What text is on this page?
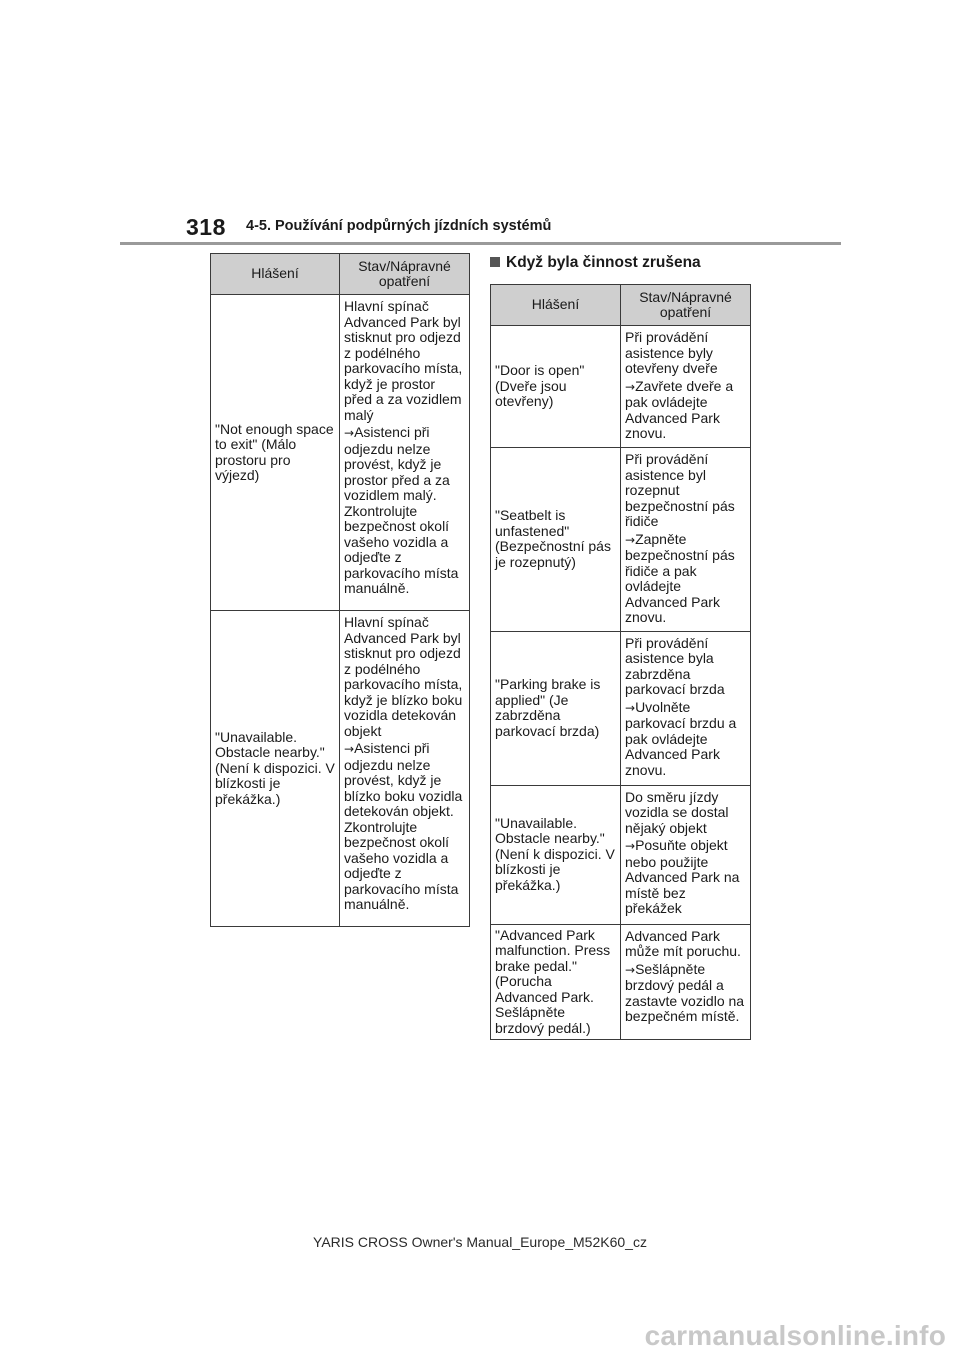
318 4-5. Používání podpůrných jízdních systémů
Hlášení	Stav/Nápravné opatření
"Not enough space to exit" (Málo prostoru pro výjezd)	Hlavní spínač Advanced Park byl stisknut pro odjezd z podélného parkovacího místa, když je prostor před a za vozidlem malý
→Asistenci při odjezdu nelze provést, když je prostor před a za vozidlem malý. Zkontrolujte bezpečnost okolí vašeho vozidla a odjeďte z parkovacího místa manuálně.

"Unavailable. Obstacle nearby." (Není k dispozici. V blízkosti je překážka.)	Hlavní spínač Advanced Park byl stisknut pro odjezd z podélného parkovacího místa, když je blízko boku vozidla detekován objekt
→Asistenci při odjezdu nelze provést, když je blízko boku vozidla detekován objekt. Zkontrolujte bezpečnost okolí vašeho vozidla a odjeďte z parkovacího místa manuálně.
Když byla činnost zrušena
Hlášení	Stav/Nápravné opatření
"Door is open" (Dveře jsou otevřeny)	Při provádění asistence byly otevřeny dveře
→Zavřete dveře a pak ovládejte Advanced Park znovu.

"Seatbelt is unfastened" (Bezpečnostní pás je rozepnutý)	Při provádění asistence byl rozepnut bezpečnostní pás řidiče
→Zapněte bezpečnostní pás řidiče a pak ovládejte Advanced Park znovu.

"Parking brake is applied" (Je zabrzděna parkovací brzda)	Při provádění asistence byla zabrzděna parkovací brzda
→Uvolněte parkovací brzdu a pak ovládejte Advanced Park znovu.

"Unavailable. Obstacle nearby." (Není k dispozici. V blízkosti je překážka.)	Do směru jízdy vozidla se dostal nějaký objekt
→Posuňte objekt nebo použijte Advanced Park na místě bez překážek

"Advanced Park malfunction. Press brake pedal." (Porucha Advanced Park. Sešlápněte brzdový pedál.)	Advanced Park může mít poruchu.
→Sešlápněte brzdový pedál a zastavte vozidlo na bezpečném místě.
YARIS CROSS Owner's Manual_Europe_M52K60_cz
carmanualsonline.info
